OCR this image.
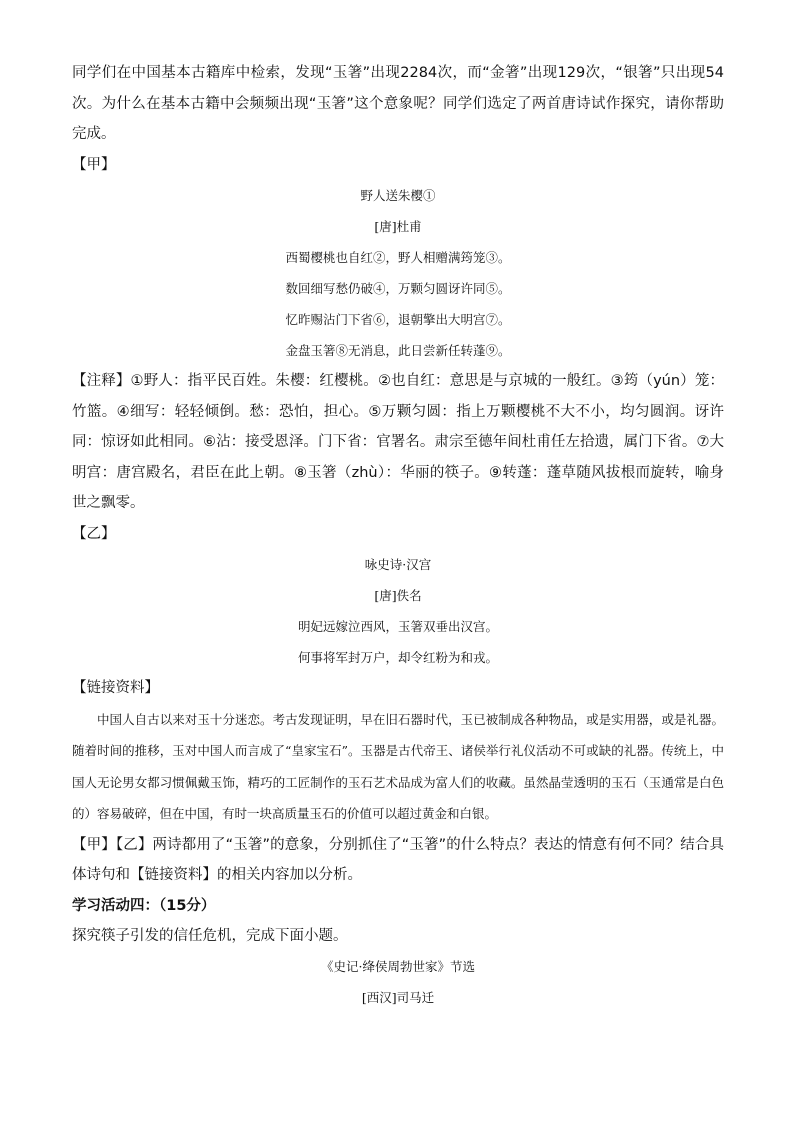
同学们在中国基本古籍库中检索，发现“玉箸”出现2284次，而“金箸”出现129次，“银箸”只出现54次。为什么在基本古籍中会频频出现“玉箸”这个意象呢？同学们选定了两首唐诗试作探究，请你帮助完成。

【甲】

野人送朱樱①

[唐]杜甫

西蜀樱桃也自红②，野人相赠满筠笼③。

数回细写愁仍破④，万颗匀圆讶许同⑤。

忆昨赐沾门下省⑥，退朝擎出大明宫⑦。

金盘玉箸⑧无消息，此日尝新任转蓬⑨。

【注释】①野人：指平民百姓。朱樱：红樱桃。②也自红：意思是与京城的一般红。③筠（yún）笼：竹篮。④细写：轻轻倾倒。愁：恐怕，担心。⑤万颗匀圆：指上万颗樱桃不大不小，均匀圆润。讶许同：惊讶如此相同。⑥沾：接受恩泽。门下省：官署名。肃宗至德年间杜甫任左拾遗，属门下省。⑦大明宫：唐宫殿名，君臣在此上朝。⑧玉箸（zhù）：华丽的筷子。⑨转蓬：蓬草随风拔根而旋转，喻身世之飘零。

【乙】

咏史诗·汉宫

[唐]佚名

明妃远嫁泣西风，玉箸双垂出汉宫。

何事将军封万户，却令红粉为和戎。

【链接资料】

中国人自古以来对玉十分迷恋。考古发现证明，早在旧石器时代，玉已被制成各种物品，或是实用器，或是礼器。随着时间的推移，玉对中国人而言成了“皇家宝石”。玉器是古代帝王、诸侯举行礼仪活动不可或缺的礼器。传统上，中国人无论男女都习惯佩戴玉饰，精巧的工匠制作的玉石艺术品成为富人们的收藏。虽然晶莹透明的玉石（玉通常是白色的）容易破碎，但在中国，有时一块高质量玉石的价值可以超过黄金和白银。

【甲】【乙】两诗都用了“玉箸”的意象，分别抓住了“玉箸”的什么特点？表达的情意有何不同？结合具体诗句和【链接资料】的相关内容加以分析。

学习活动四：（15分）

探究筷子引发的信任危机，完成下面小题。

《史记·绛侯周勃世家》节选

[西汉]司马迁
